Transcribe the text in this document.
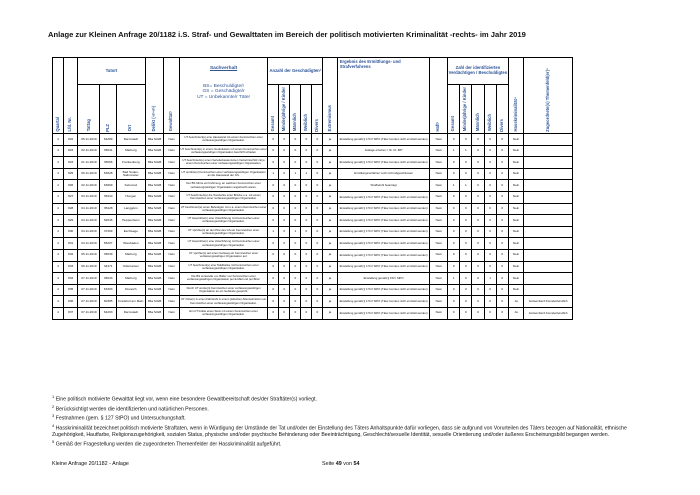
Anlage zur Kleinen Anfrage 20/1182 i.S. Straf- und Gewalttaten im Bereich der politisch motivierten Kriminalität -rechts- im Jahr 2019
Quartal	Lfd. Nr.	Tatort			Delikt (§§)	Gewalttat¹	Sachverhalt
BS= Beschuldigte/r
GS = Geschädigte/r
UT = Unbekannte/r Täter	Anzahl der Geschädigten²					Extremismus	Ergebnis des Ermittlungs- und Strafverfahrens	Haft³	Zahl der identifizierten Verdächtigen / Beschuldigten					Hasskriminalität⁴	Zugeordnete(s) Themenfeld(er)⁵
		Tattag	PLZ	Ort				Gesamt	Minderjährige / Kinder	Männlich	Weiblich	Divers				Gesamt	Minderjährige / Kinder	Männlich	Weiblich	Divers		
4	822	05.11.2019	64289	Darmstadt	86a StGB	Nein	UT beschmiert(e) eine Hauswand mit einem Kennzeichen einer verfassungswidrigen Organisation.	0	0	0	0	0	ja	Einstellung gemäß § 170 II StPO (Täter konnten nicht ermittelt werden)	Nein	0	0	0	0	0	Nein	
4	823	02.11.2019	35041	Marburg	86a StGB	Nein	UT beschmiert(e) in einem Gedenkstein mit einem Kennzeichen einer verfassungswidrigen Organisation beschrift schaden	0	0	0	0	0	ja	Anklage erhoben = Nr. Nr. 88?	Nein	1	1	0	0	0	Nein	
4	824	01.11.2019	35066	Frankenberg	86a StGB	Nein	UT beschmiert(e) einen Verteilerkasten/einen Verkehrsschild mit je einem Kennzeichen einer verfassungswidrigen Organisation.	0	0	0	0	0	ja	Einstellung gemäß § 170 II StPO (Täter konnten nicht ermittelt werden)	Nein	0	0	0	0	0	Nein	
4	825	06.11.2019	63628	Bad Soden-Salmünster	86a StGB	Nein	UT sprühte(n) Kennzeichen einer verfassungswidrigen Organisation an die Hauswand der GS.	1	0	1	1	0	ja	Ermittlungsverfahren noch nicht abgeschlossen	Nein	0	0	0	0	0	Nein	
4	826	02.11.2019	63699	Kefenrod	86a StGB	Nein	Der BS führte ein Fahrzeug, an welchem Kennzeichen einer verfassungswidrigen Organisation angebracht waren.	0	0	0	0	0	ja	Strafbefehl beantragt	Nein	1	1	0	0	0	Nein	
4	827	03.11.2019	35410	Hungen	86a StGB	Nein	UT beschmiert(e) die Toerdecke einer Brücke u.a. mit einem Kennzeichen einer verfassungswidrigen Organisation.	0	0	0	0	0	ja	Einstellung gemäß § 170 II StPO (Täter konnten nicht ermittelt werden)	Nein	0	0	0	0	0	Nein	
4	828	04.11.2019	35428	Langgöns	86a StGB	Nein	UT beschmiert(e) einen Befestigter mit u.a. einem Kennzeichen einer verfassungswidrigen Organisation.	0	0	0	0	0	ja	Einstellung gemäß § 170 II StPO (Täter konnten nicht ermittelt werden)	Nein	0	0	0	0	0	Nein	
4	829	04.11.2019	64646	Heppenheim	86a StGB	Nein	UT besprühte(n) eine Unterführung mit Kennzeichen einer verfassungswidrigen Organisation.	0	0	0	0	0	ja	Einstellung gemäß § 170 II StPO (Täter konnten nicht ermittelt werden)	Nein	0	0	0	0	0	Nein	
4	830	04.11.2019	37269	Eschwege	86a StGB	Nein	UT sprühte(n) an den Pkw des GS ein Kennzeichen einer verfassungswidrigen Organisation.	1	0	1	0	0	ja	Einstellung gemäß § 170 II StPO (Täter konnten nicht ermittelt werden)	Nein	0	0	0	0	0	Nein	
4	831	04.11.2019	65207	Wiesbaden	86a StGB	Nein	UT besprühte(n) eine Unterführung mit Kennzeichen einer verfassungswidrigen Organisation.	0	0	0	0	0	ja	Einstellung gemäß § 170 II StPO (Täter konnten nicht ermittelt werden)	Nein	0	0	0	0	0	Nein	
4	832	05.11.2019	35039	Marburg	86a StGB	Nein	UT sprühte(n) auf einen Gehweg ein Kennzeichen einer verfassungswidrigen Organisation auf.	0	0	0	0	0	ja	Einstellung gemäß § 170 II StPO (Täter konnten nicht ermittelt werden)	Nein	0	0	0	0	0	Nein	
4	833	06.11.2019	34471	Volkmarsen	86a StGB	Nein	UT beschmiert(e) eine Tafelbänke mit Kennzeichen einer verfassungswidrigen Organisation.	0	0	0	0	0	ja	Einstellung gemäß § 170 II StPO (Täter konnten nicht ermittelt werden)	Nein	0	0	0	0	0	Nein	
4	834	07.11.2019	35043	Marburg	86a StGB	Nein	Die BS versandte u.a. Bilder von Kennzeichen einer verfassungswidrigen Organisation per E-Mail und per Brief.	0	0	0	0	0	ja	Einstellung gemäß § 153 I StPO	Nein	1	0	0	1	0	Nein	
4	835	07.11.2019	63303	Dreieich	86a StGB	Nein	Durch UT wurde(n) Kennzeichen einer verfassungswidrigen Organisation an ein Gebäude gesprüht.	0	0	0	0	0	ja	Einstellung gemäß § 170 II StPO (Täter konnten nicht ermittelt werden)	Nein	0	0	0	0	0	Nein	
4	836	07.11.2019	60385	Frankfurt am Main	86a StGB	Nein	UT ritzte(n) in einen Fahrstuhl in einem jüdischen Altenwohnheim ein Kennzeichen einer verfassungswidrigen Organisation.	0	0	0	0	0	ja	Einstellung gemäß § 170 II StPO (Täter konnten nicht ermittelt werden)	Nein	0	0	0	0	0	Ja	Antisemitisch Fremdenfeindlich
4	837	07.11.2019	64293	Darmstadt	86a StGB	Nein	Ein UT bulkte einen Stein mit einem Kennzeichen einer verfassungswidrigen Organisation.	0	0	0	0	0	ja	Einstellung gemäß § 170 II StPO (Täter konnten nicht ermittelt werden)	Nein	0	0	0	0	0	Ja	Antisemitisch Fremdenfeindlich
$^1$ Eine politisch motivierte Gewalttat liegt vor, wenn eine besondere Gewaltbereitschaft des/der Straftäter(s) vorliegt.
$^2$ Berücksichtigt werden die identifizierten und natürlichen Personen.
$^3$ Festnahmen (gem. § 127 StPO) und Untersuchungshaft.
$^4$ Hasskriminalität bezeichnet politisch motivierte Straftaten, wenn in Würdigung der Umstände der Tat und/oder der Einstellung des Täters Anhaltspunkte dafür vorliegen, dass sie aufgrund von Vorurteilen des Täters bezogen auf Nationalität, ethnische Zugehörigkeit, Hautfarbe, Religionszugehörigkeit, sozialen Status, physische und/oder psychische Behinderung oder Beeinträchtigung, Geschlecht/sexuelle Identität, sexuelle Orientierung und/oder äußeres Erscheinungsbild begangen werden.
$^5$ Gemäß der Fragestellung werden die zugeordneten Themenfelder der Hasskriminalität aufgeführt.
Kleine Anfrage 20/1182 - Anlage	Seite 49 von 54
